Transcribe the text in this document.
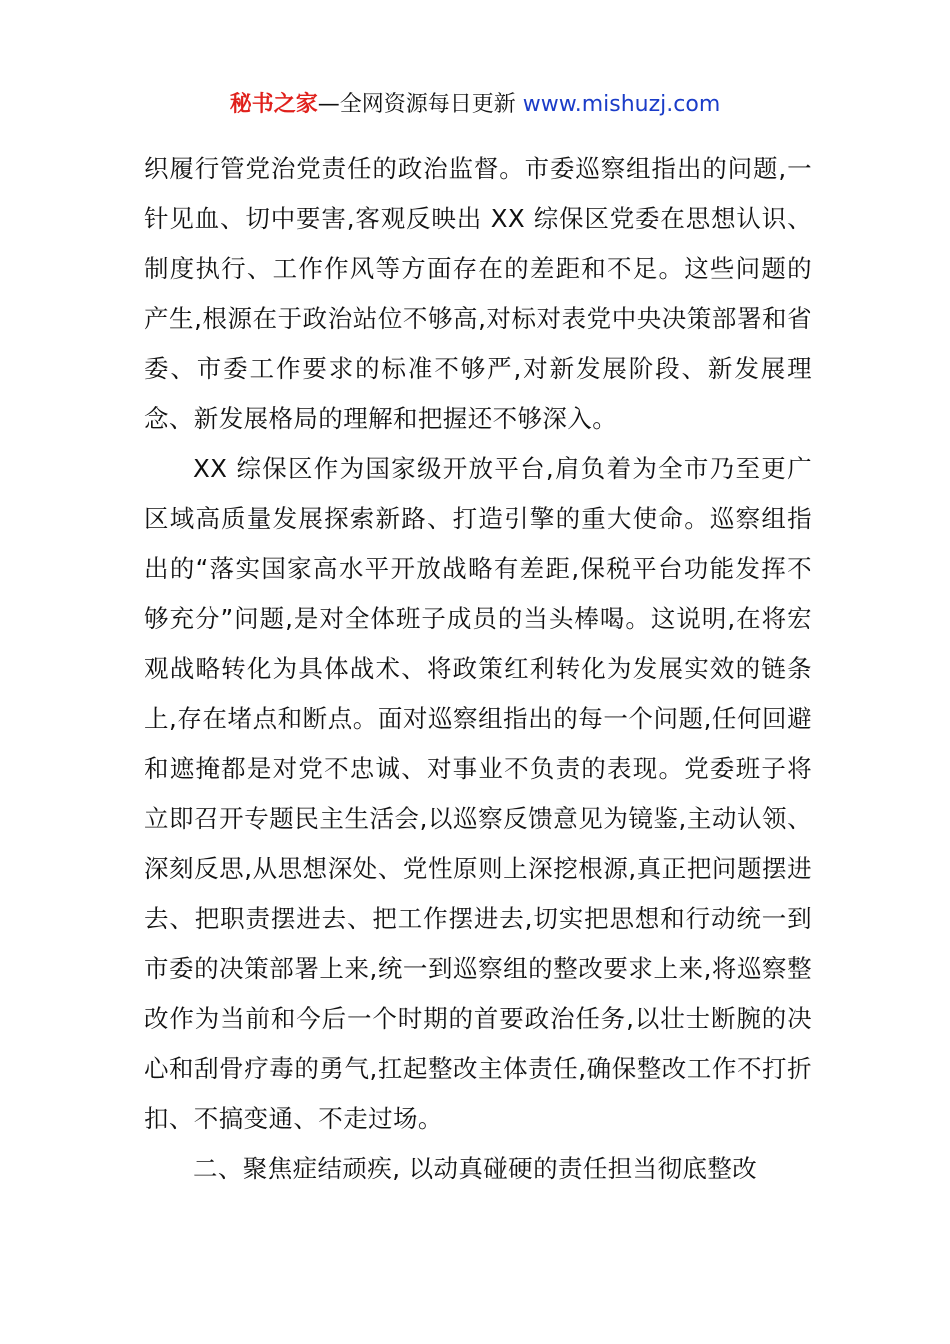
秘书之家—全网资源每日更新 www.mishuzj.com

织履行管党治党责任的政治监督。市委巡察组指出的问题,一针见血、切中要害,客观反映出 XX 综保区党委在思想认识、制度执行、工作作风等方面存在的差距和不足。这些问题的产生,根源在于政治站位不够高,对标对表党中央决策部署和省委、市委工作要求的标准不够严,对新发展阶段、新发展理念、新发展格局的理解和把握还不够深入。

XX 综保区作为国家级开放平台,肩负着为全市乃至更广区域高质量发展探索新路、打造引擎的重大使命。巡察组指出的“落实国家高水平开放战略有差距,保税平台功能发挥不够充分”问题,是对全体班子成员的当头棒喝。这说明,在将宏观战略转化为具体战术、将政策红利转化为发展实效的链条上,存在堵点和断点。面对巡察组指出的每一个问题,任何回避和遮掩都是对党不忠诚、对事业不负责的表现。党委班子将立即召开专题民主生活会,以巡察反馈意见为镜鉴,主动认领、深刻反思,从思想深处、党性原则上深挖根源,真正把问题摆进去、把职责摆进去、把工作摆进去,切实把思想和行动统一到市委的决策部署上来,统一到巡察组的整改要求上来,将巡察整改作为当前和今后一个时期的首要政治任务,以壮士断腕的决心和刮骨疗毒的勇气,扛起整改主体责任,确保整改工作不打折扣、不搞变通、不走过场。

二、聚焦症结顽疾, 以动真碰硬的责任担当彻底整改
